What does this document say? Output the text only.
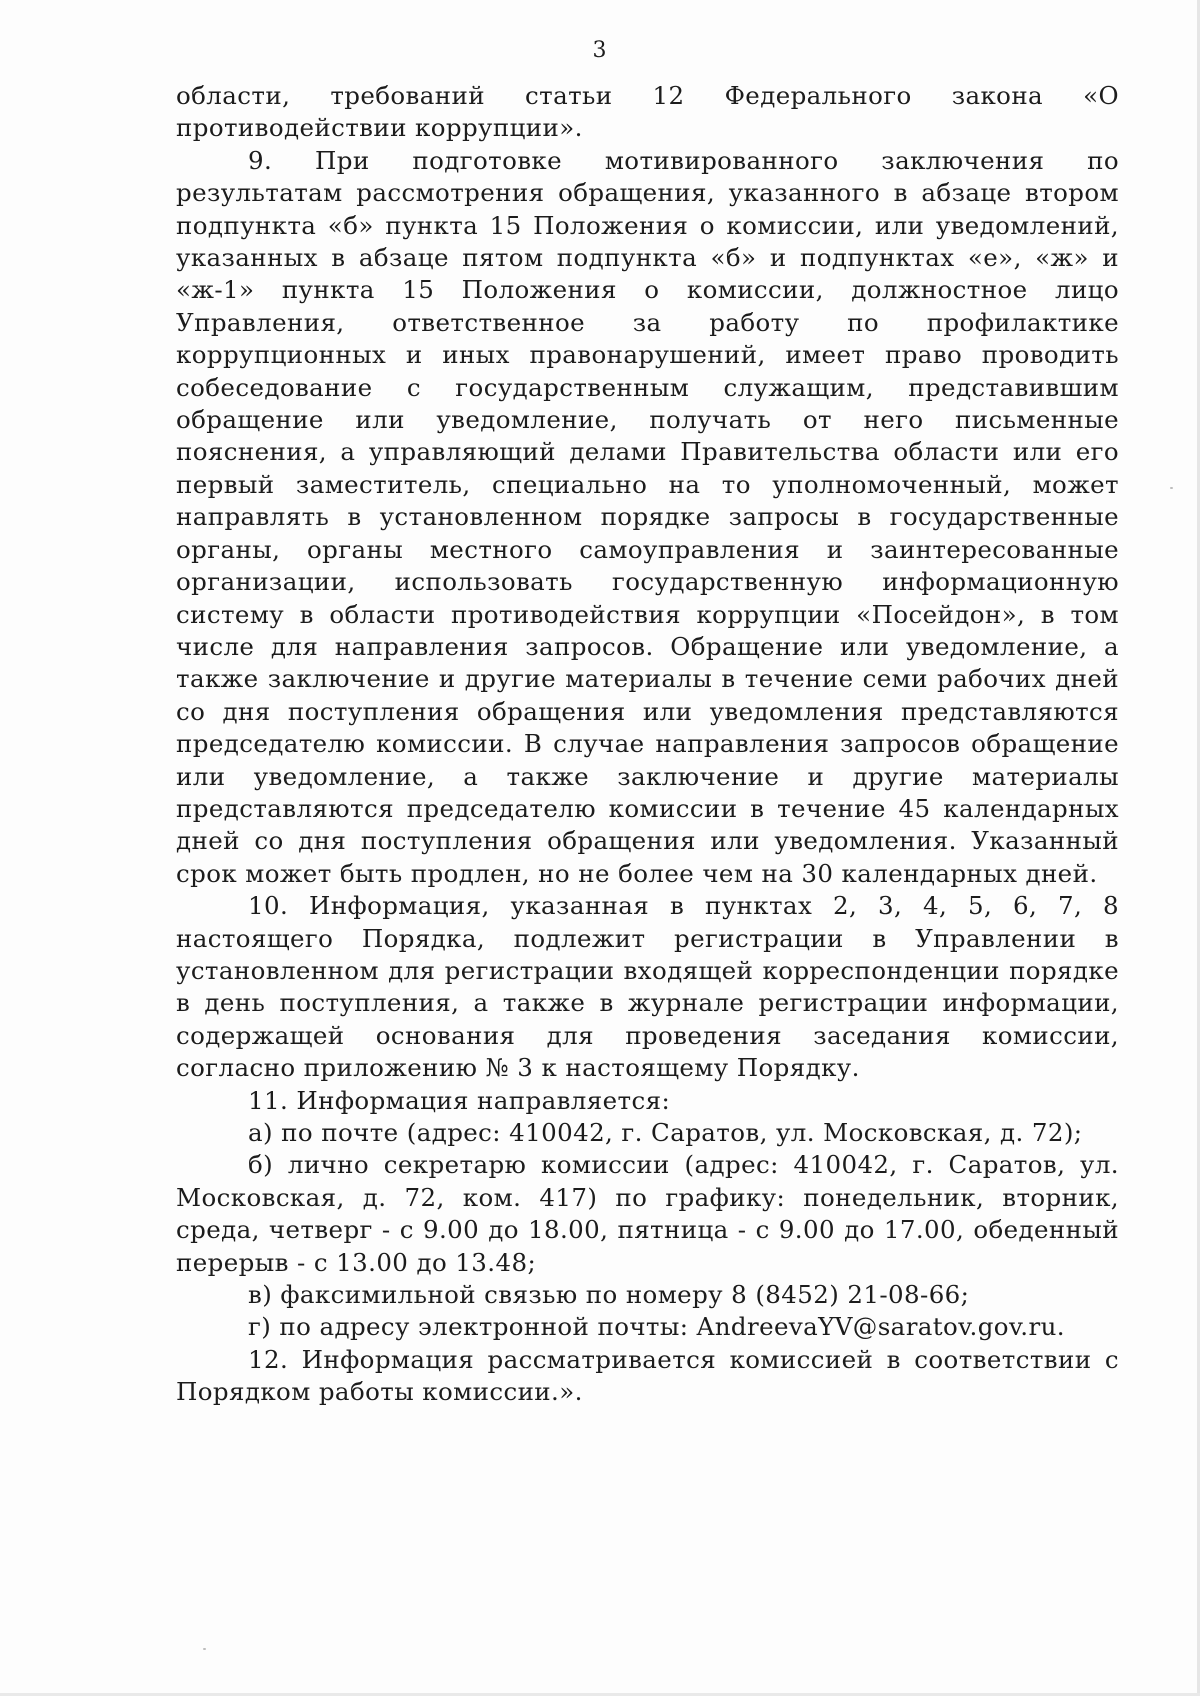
3

области, требований статьи 12 Федерального закона «О противодействии коррупции».

9. При подготовке мотивированного заключения по результатам рассмотрения обращения, указанного в абзаце втором подпункта «б» пункта 15 Положения о комиссии, или уведомлений, указанных в абзаце пятом подпункта «б» и подпунктах «е», «ж» и «ж-1» пункта 15 Положения о комиссии, должностное лицо Управления, ответственное за работу по профилактике коррупционных и иных правонарушений, имеет право проводить собеседование с государственным служащим, представившим обращение или уведомление, получать от него письменные пояснения, а управляющий делами Правительства области или его первый заместитель, специально на то уполномоченный, может направлять в установленном порядке запросы в государственные органы, органы местного самоуправления и заинтересованные организации, использовать государственную информационную систему в области противодействия коррупции «Посейдон», в том числе для направления запросов. Обращение или уведомление, а также заключение и другие материалы в течение семи рабочих дней со дня поступления обращения или уведомления представляются председателю комиссии. В случае направления запросов обращение или уведомление, а также заключение и другие материалы представляются председателю комиссии в течение 45 календарных дней со дня поступления обращения или уведомления. Указанный срок может быть продлен, но не более чем на 30 календарных дней.

10. Информация, указанная в пунктах 2, 3, 4, 5, 6, 7, 8 настоящего Порядка, подлежит регистрации в Управлении в установленном для регистрации входящей корреспонденции порядке в день поступления, а также в журнале регистрации информации, содержащей основания для проведения заседания комиссии, согласно приложению № 3 к настоящему Порядку.

11. Информация направляется:

а) по почте (адрес: 410042, г. Саратов, ул. Московская, д. 72);

б) лично секретарю комиссии (адрес: 410042, г. Саратов, ул. Московская, д. 72, ком. 417) по графику: понедельник, вторник, среда, четверг - с 9.00 до 18.00, пятница - с 9.00 до 17.00, обеденный перерыв - с 13.00 до 13.48;

в) факсимильной связью по номеру 8 (8452) 21-08-66;

г) по адресу электронной почты: AndreevaYV@saratov.gov.ru.

12. Информация рассматривается комиссией в соответствии с Порядком работы комиссии.».
